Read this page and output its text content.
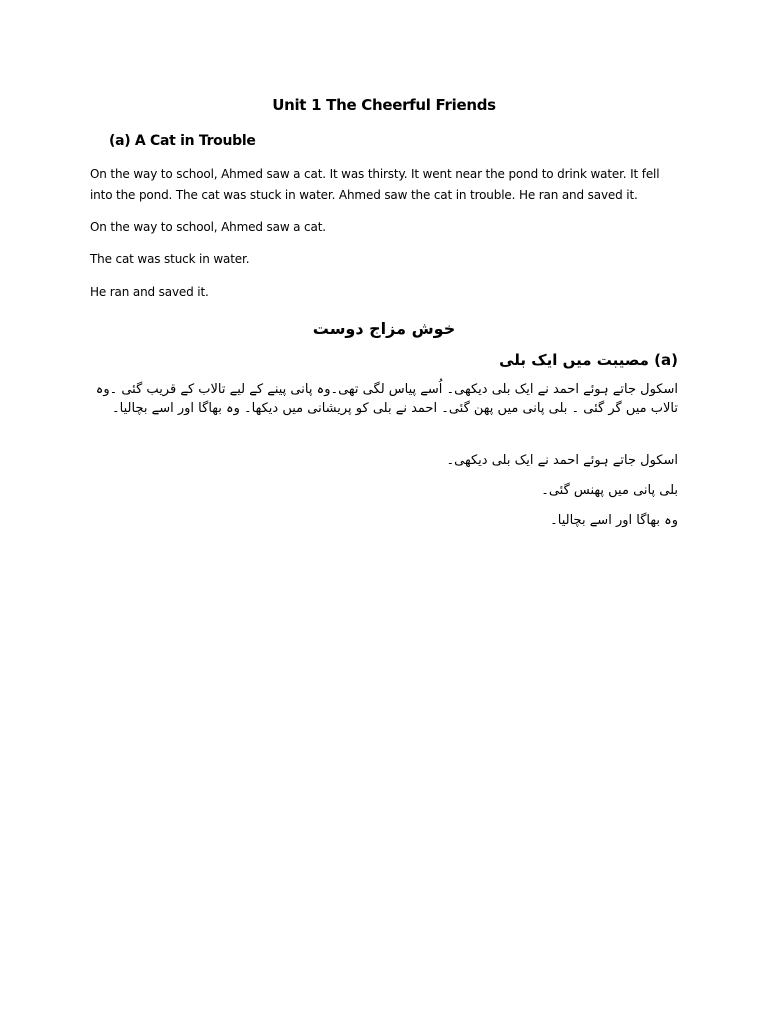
Unit 1 The Cheerful Friends
(a) A Cat in Trouble

On the way to school, Ahmed saw a cat. It was thirsty. It went near the pond to drink water. It fell into the pond. The cat was stuck in water. Ahmed saw the cat in trouble. He ran and saved it.

On the way to school, Ahmed saw a cat.

The cat was stuck in water.

He ran and saved it.

خوش مزاج دوست
(a) مصیبت میں ایک بلی

اسکول جاتے ہوئے احمد نے ایک بلی دیکھی۔ اُسے پیاس لگی تھی۔وہ پانی پینے کے لیے تالاب کے قریب گئی ۔وہ تالاب میں گر گئی ۔ بلی پانی میں پھن گئی۔ احمد نے بلی کو پریشانی میں دیکھا۔ وہ بھاگا اور اسے بچالیا۔

اسکول جاتے ہوئے احمد نے ایک بلی دیکھی۔

بلی پانی میں پھنس گئی۔

وہ بھاگا اور اسے بچالیا۔
